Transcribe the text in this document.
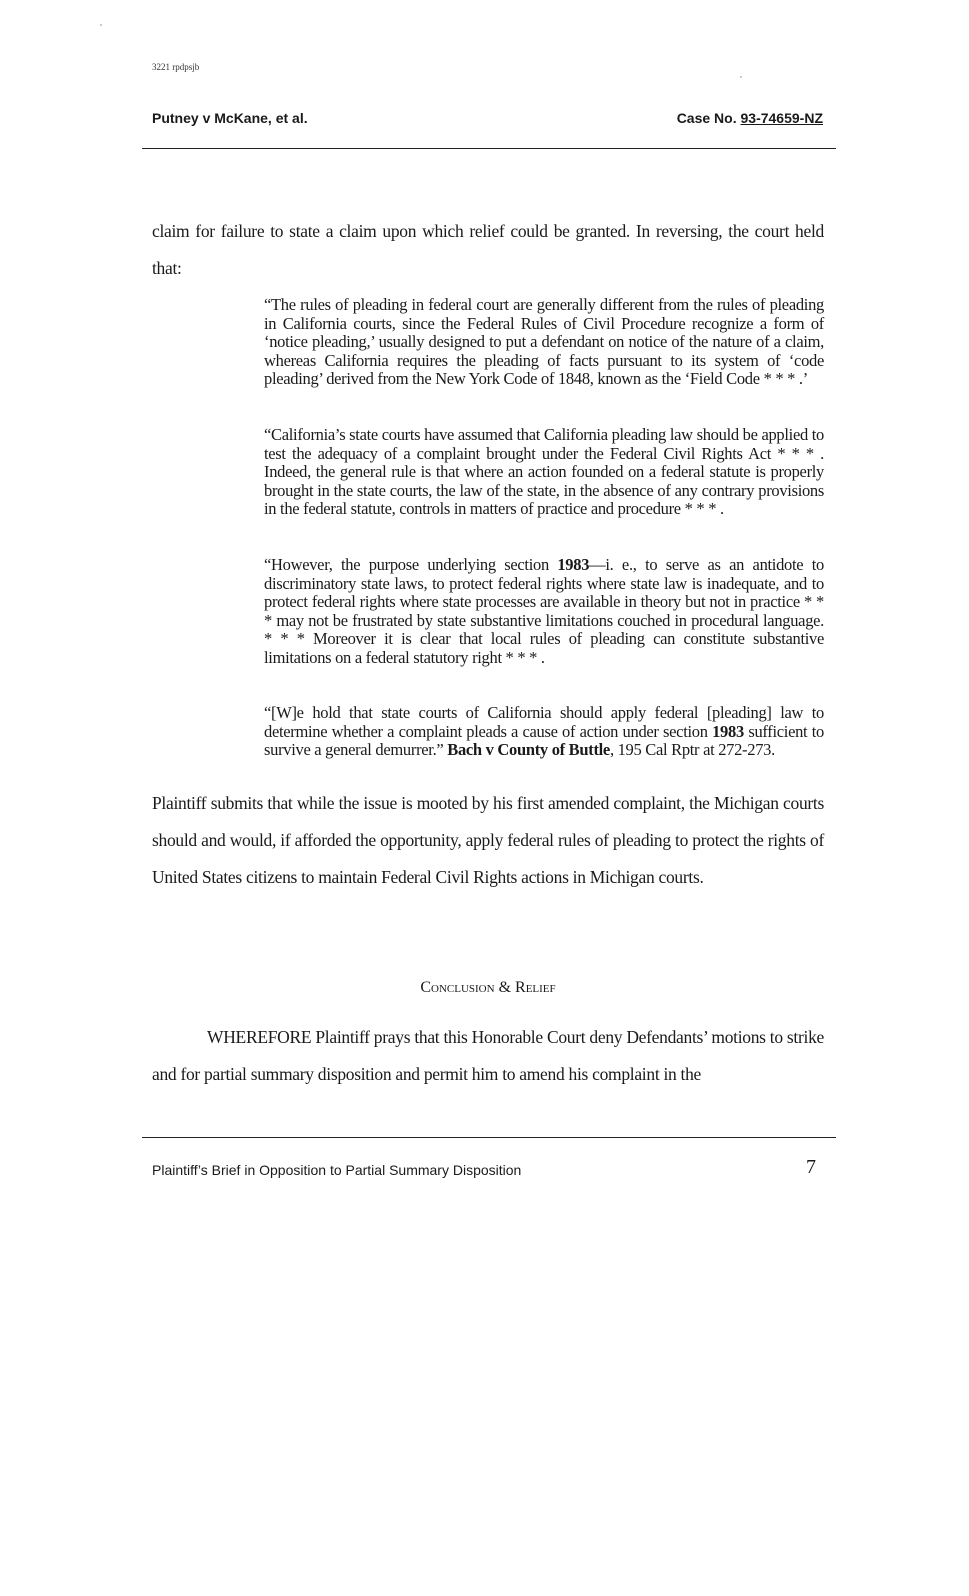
3221 rpdpsjb
Putney v McKane, et al.	Case No. 93-74659-NZ
claim for failure to state a claim upon which relief could be granted. In reversing, the court held that:
“The rules of pleading in federal court are generally different from the rules of pleading in California courts, since the Federal Rules of Civil Procedure recognize a form of ‘notice pleading,’ usually designed to put a defendant on notice of the nature of a claim, whereas California requires the pleading of facts pursuant to its system of ‘code pleading’ derived from the New York Code of 1848, known as the ‘Field Code * * * .’
“California’s state courts have assumed that California pleading law should be applied to test the adequacy of a complaint brought under the Federal Civil Rights Act * * * . Indeed, the general rule is that where an action founded on a federal statute is properly brought in the state courts, the law of the state, in the absence of any contrary provisions in the federal statute, controls in matters of practice and procedure * * * .
“However, the purpose underlying section 1983—i. e., to serve as an antidote to discriminatory state laws, to protect federal rights where state law is inadequate, and to protect federal rights where state processes are available in theory but not in practice * * * may not be frustrated by state substantive limitations couched in procedural language. * * * Moreover it is clear that local rules of pleading can constitute substantive limitations on a federal statutory right * * * .
“[W]e hold that state courts of California should apply federal [pleading] law to determine whether a complaint pleads a cause of action under section 1983 sufficient to survive a general demurrer.” Bach v County of Buttle, 195 Cal Rptr at 272-273.
Plaintiff submits that while the issue is mooted by his first amended complaint, the Michigan courts should and would, if afforded the opportunity, apply federal rules of pleading to protect the rights of United States citizens to maintain Federal Civil Rights actions in Michigan courts.
Conclusion & Relief
WHEREFORE Plaintiff prays that this Honorable Court deny Defendants’ motions to strike and for partial summary disposition and permit him to amend his complaint in the
Plaintiff’s Brief in Opposition to Partial Summary Disposition	7
